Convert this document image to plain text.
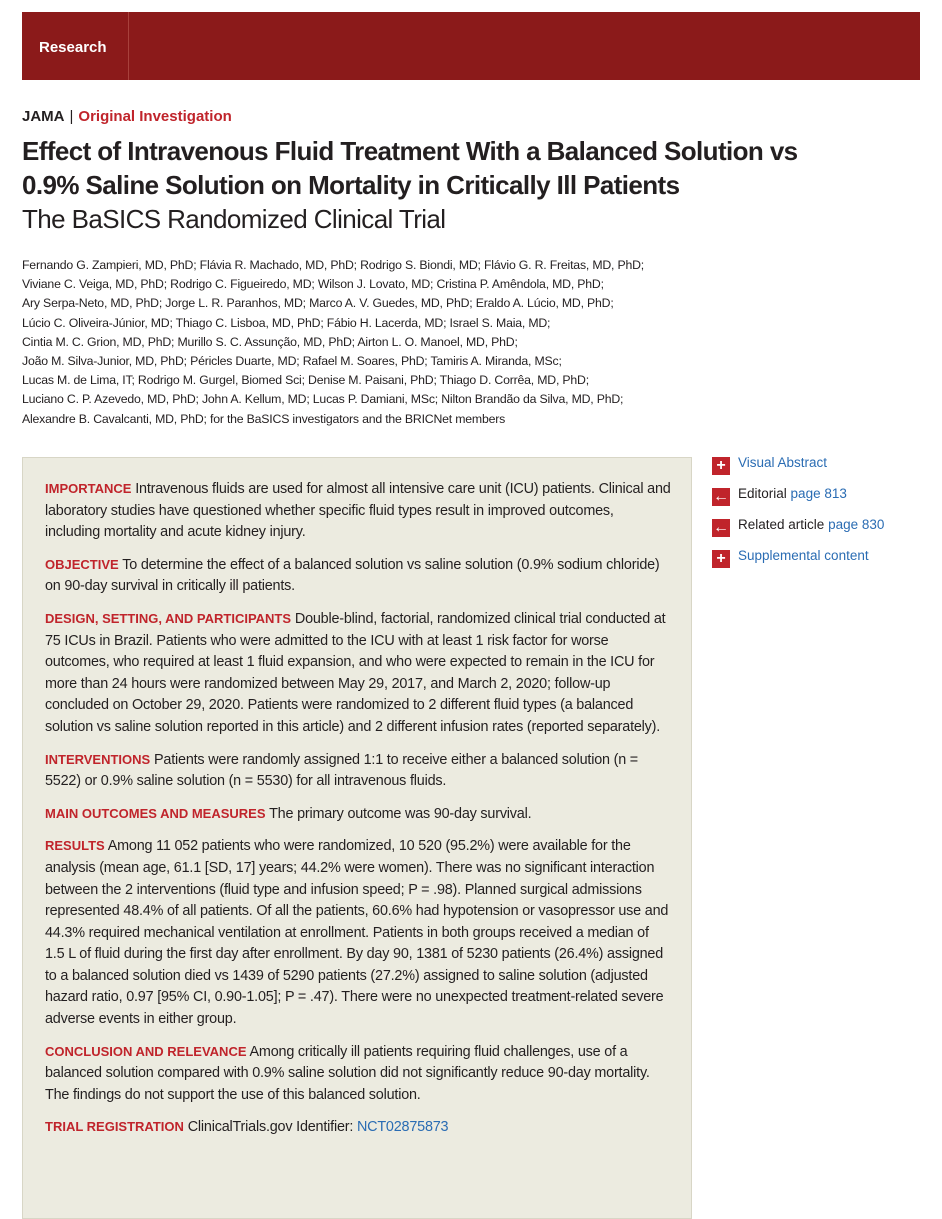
Research
JAMA | Original Investigation
Effect of Intravenous Fluid Treatment With a Balanced Solution vs 0.9% Saline Solution on Mortality in Critically Ill Patients
The BaSICS Randomized Clinical Trial
Fernando G. Zampieri, MD, PhD; Flávia R. Machado, MD, PhD; Rodrigo S. Biondi, MD; Flávio G. R. Freitas, MD, PhD;
Viviane C. Veiga, MD, PhD; Rodrigo C. Figueiredo, MD; Wilson J. Lovato, MD; Cristina P. Amêndola, MD, PhD;
Ary Serpa-Neto, MD, PhD; Jorge L. R. Paranhos, MD; Marco A. V. Guedes, MD, PhD; Eraldo A. Lúcio, MD, PhD;
Lúcio C. Oliveira-Júnior, MD; Thiago C. Lisboa, MD, PhD; Fábio H. Lacerda, MD; Israel S. Maia, MD;
Cintia M. C. Grion, MD, PhD; Murillo S. C. Assunção, MD, PhD; Airton L. O. Manoel, MD, PhD;
João M. Silva-Junior, MD, PhD; Péricles Duarte, MD; Rafael M. Soares, PhD; Tamiris A. Miranda, MSc;
Lucas M. de Lima, IT; Rodrigo M. Gurgel, Biomed Sci; Denise M. Paisani, PhD; Thiago D. Corrêa, MD, PhD;
Luciano C. P. Azevedo, MD, PhD; John A. Kellum, MD; Lucas P. Damiani, MSc; Nilton Brandão da Silva, MD, PhD;
Alexandre B. Cavalcanti, MD, PhD; for the BaSICS investigators and the BRICNet members

IMPORTANCE Intravenous fluids are used for almost all intensive care unit (ICU) patients. Clinical and laboratory studies have questioned whether specific fluid types result in improved outcomes, including mortality and acute kidney injury.

OBJECTIVE To determine the effect of a balanced solution vs saline solution (0.9% sodium chloride) on 90-day survival in critically ill patients.

DESIGN, SETTING, AND PARTICIPANTS Double-blind, factorial, randomized clinical trial conducted at 75 ICUs in Brazil. Patients who were admitted to the ICU with at least 1 risk factor for worse outcomes, who required at least 1 fluid expansion, and who were expected to remain in the ICU for more than 24 hours were randomized between May 29, 2017, and March 2, 2020; follow-up concluded on October 29, 2020. Patients were randomized to 2 different fluid types (a balanced solution vs saline solution reported in this article) and 2 different infusion rates (reported separately).

INTERVENTIONS Patients were randomly assigned 1:1 to receive either a balanced solution (n = 5522) or 0.9% saline solution (n = 5530) for all intravenous fluids.

MAIN OUTCOMES AND MEASURES The primary outcome was 90-day survival.

RESULTS Among 11 052 patients who were randomized, 10 520 (95.2%) were available for the analysis (mean age, 61.1 [SD, 17] years; 44.2% were women). There was no significant interaction between the 2 interventions (fluid type and infusion speed; P = .98). Planned surgical admissions represented 48.4% of all patients. Of all the patients, 60.6% had hypotension or vasopressor use and 44.3% required mechanical ventilation at enrollment. Patients in both groups received a median of 1.5 L of fluid during the first day after enrollment. By day 90, 1381 of 5230 patients (26.4%) assigned to a balanced solution died vs 1439 of 5290 patients (27.2%) assigned to saline solution (adjusted hazard ratio, 0.97 [95% CI, 0.90-1.05]; P = .47). There were no unexpected treatment-related severe adverse events in either group.

CONCLUSION AND RELEVANCE Among critically ill patients requiring fluid challenges, use of a balanced solution compared with 0.9% saline solution did not significantly reduce 90-day mortality. The findings do not support the use of this balanced solution.

TRIAL REGISTRATION ClinicalTrials.gov Identifier: NCT02875873

+ Visual Abstract
← Editorial page 813
← Related article page 830
+ Supplemental content
